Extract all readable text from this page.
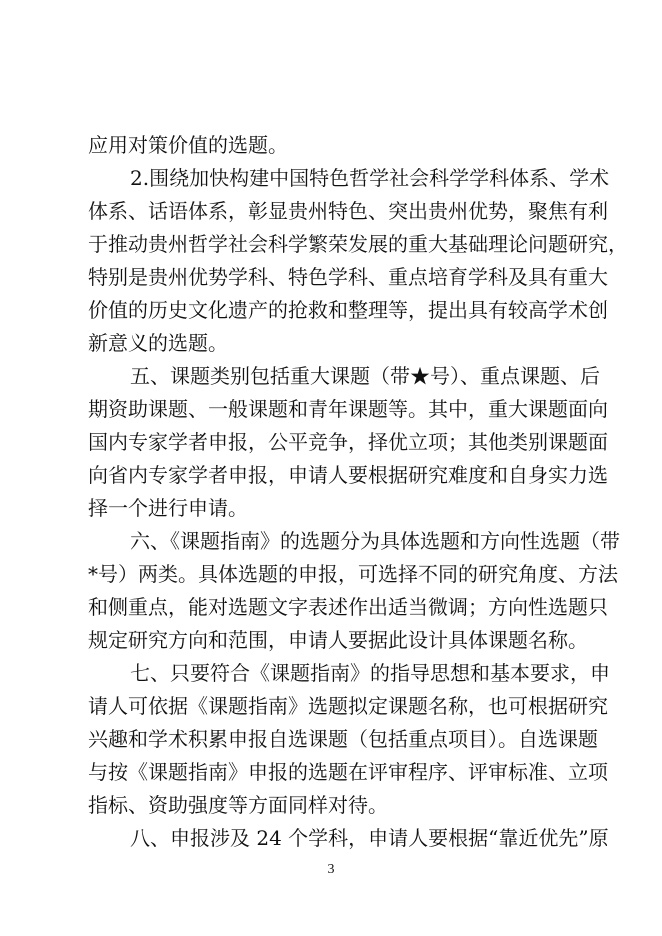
应用对策价值的选题。
2.围绕加快构建中国特色哲学社会科学学科体系、学术
体系、话语体系，彰显贵州特色、突出贵州优势，聚焦有利
于推动贵州哲学社会科学繁荣发展的重大基础理论问题研究，
特别是贵州优势学科、特色学科、重点培育学科及具有重大
价值的历史文化遗产的抢救和整理等，提出具有较高学术创
新意义的选题。
五、课题类别包括重大课题（带★号）、重点课题、后
期资助课题、一般课题和青年课题等。其中，重大课题面向
国内专家学者申报，公平竞争，择优立项；其他类别课题面
向省内专家学者申报，申请人要根据研究难度和自身实力选
择一个进行申请。
六、《课题指南》的选题分为具体选题和方向性选题（带
*号）两类。具体选题的申报，可选择不同的研究角度、方法
和侧重点，能对选题文字表述作出适当微调；方向性选题只
规定研究方向和范围，申请人要据此设计具体课题名称。
七、只要符合《课题指南》的指导思想和基本要求，申
请人可依据《课题指南》选题拟定课题名称，也可根据研究
兴趣和学术积累申报自选课题（包括重点项目）。自选课题
与按《课题指南》申报的选题在评审程序、评审标准、立项
指标、资助强度等方面同样对待。
八、申报涉及 24 个学科，申请人要根据“靠近优先”原
3
